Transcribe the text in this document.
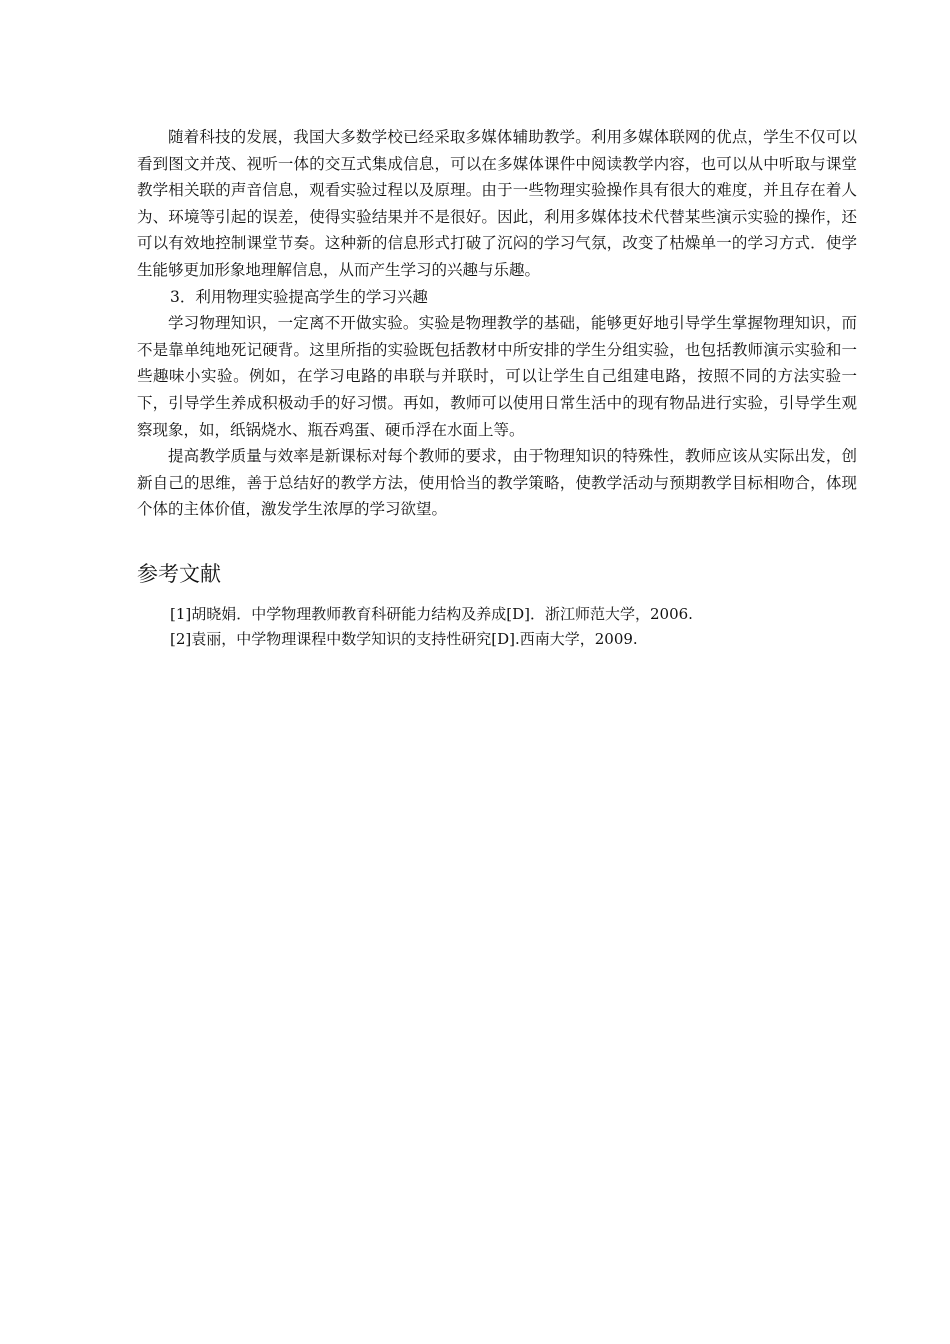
随着科技的发展，我国大多数学校已经采取多媒体辅助教学。利用多媒体联网的优点，学生不仅可以看到图文并茂、视听一体的交互式集成信息，可以在多媒体课件中阅读教学内容，也可以从中听取与课堂教学相关联的声音信息，观看实验过程以及原理。由于一些物理实验操作具有很大的难度，并且存在着人为、环境等引起的误差，使得实验结果并不是很好。因此，利用多媒体技术代替某些演示实验的操作，还可以有效地控制课堂节奏。这种新的信息形式打破了沉闷的学习气氛，改变了枯燥单一的学习方式．使学生能够更加形象地理解信息，从而产生学习的兴趣与乐趣。

3．利用物理实验提高学生的学习兴趣

学习物理知识，一定离不开做实验。实验是物理教学的基础，能够更好地引导学生掌握物理知识，而不是靠单纯地死记硬背。这里所指的实验既包括教材中所安排的学生分组实验，也包括教师演示实验和一些趣味小实验。例如，在学习电路的串联与并联时，可以让学生自己组建电路，按照不同的方法实验一下，引导学生养成积极动手的好习惯。再如，教师可以使用日常生活中的现有物品进行实验，引导学生观察现象，如，纸锅烧水、瓶吞鸡蛋、硬币浮在水面上等。

提高教学质量与效率是新课标对每个教师的要求，由于物理知识的特殊性，教师应该从实际出发，创新自己的思维，善于总结好的教学方法，使用恰当的教学策略，使教学活动与预期教学目标相吻合，体现个体的主体价值，激发学生浓厚的学习欲望。

参考文献

[1]胡晓娟．中学物理教师教育科研能力结构及养成[D]．浙江师范大学，2006.

[2]袁丽，中学物理课程中数学知识的支持性研究[D].西南大学，2009.
